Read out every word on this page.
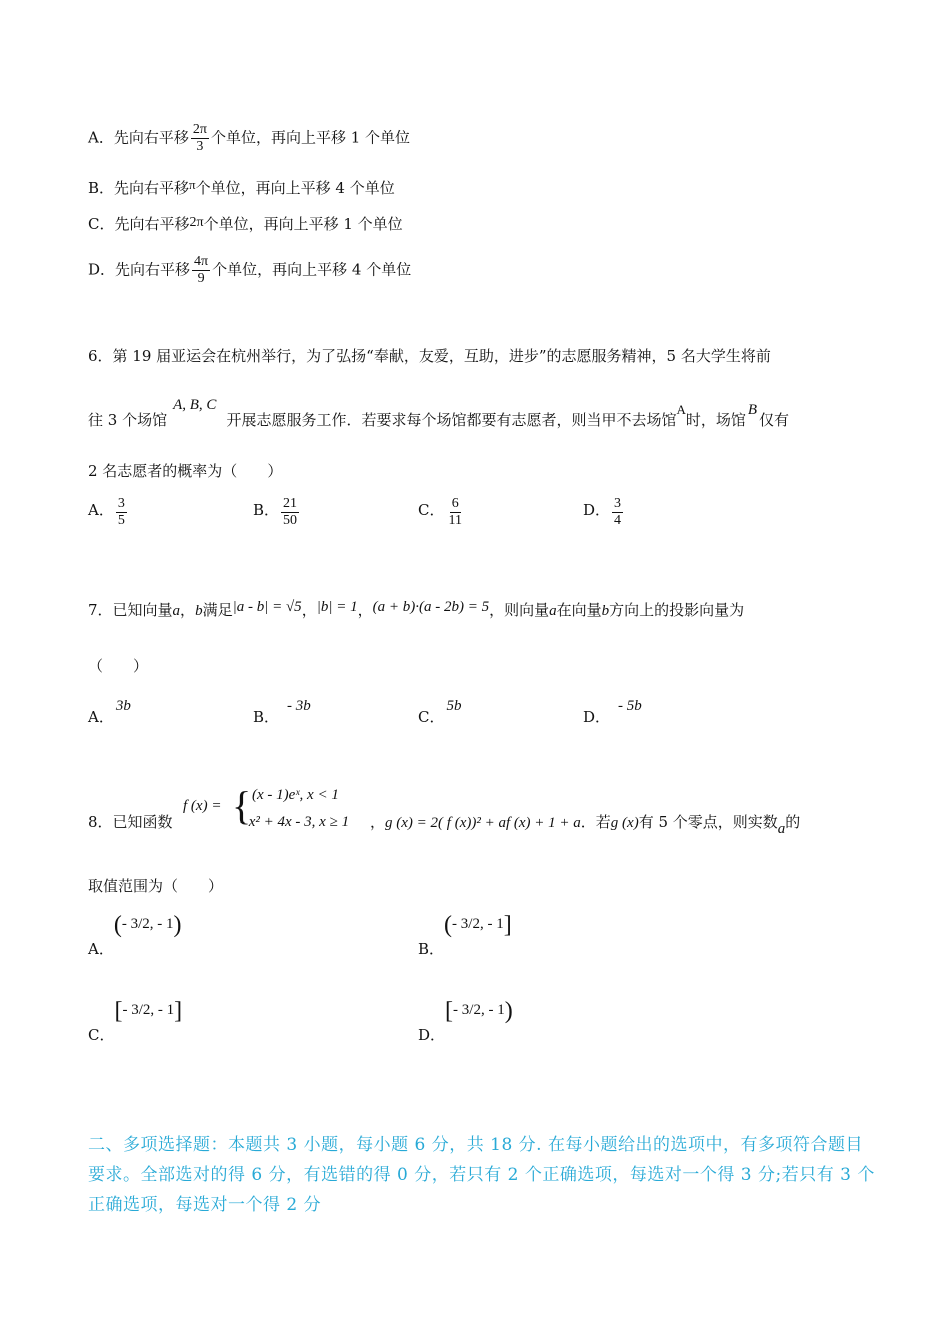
A．先向右平移 $\frac{2\pi}{3}$ 个单位，再向上平移 1 个单位
B．先向右平移π个单位，再向上平移 4 个单位
C．先向右平移2π个单位，再向上平移 1 个单位
D．先向右平移 $\frac{4\pi}{9}$ 个单位，再向上平移 4 个单位
6．第 19 届亚运会在杭州举行，为了弘扬“奉献，友爱，互助，进步”的志愿服务精神，5 名大学生将前
往 3 个场馆A, B, C开展志愿服务工作．若要求每个场馆都要有志愿者，则当甲不去场馆A时，场馆B仅有
2 名志愿者的概率为（　　）
A． $\frac{3}{5}$	B． $\frac{21}{50}$	C． $\frac{6}{11}$	D． $\frac{3}{4}$
7．已知向量a，b满足|a - b| = √5，|b| = 1，(a + b)·(a - 2b) = 5，则向量a在向量b方向上的投影向量为
（　　）
A．3b
B．- 3b
C．5b
D．- 5b
8．已知函数
f (x) = { (x - 1)eˣ, x < 1
- x² + 4x - 3, x ≥ 1 ，g (x) = 2( f (x))² + af (x) + 1 + a．若g (x)有 5 个零点，则实数a的
取值范围为（　　）
A．(- 3/2, - 1)
B．(- 3/2, - 1]
C．[- 3/2, - 1]
D．[- 3/2, - 1)
二、多项选择题：本题共 3 小题，每小题 6 分，共 18 分. 在每小题给出的选项中，有多项符合题目要求。全部选对的得 6 分，有选错的得 0 分，若只有 2 个正确选项，每选对一个得 3 分;若只有 3 个正确选项，每选对一个得 2 分
